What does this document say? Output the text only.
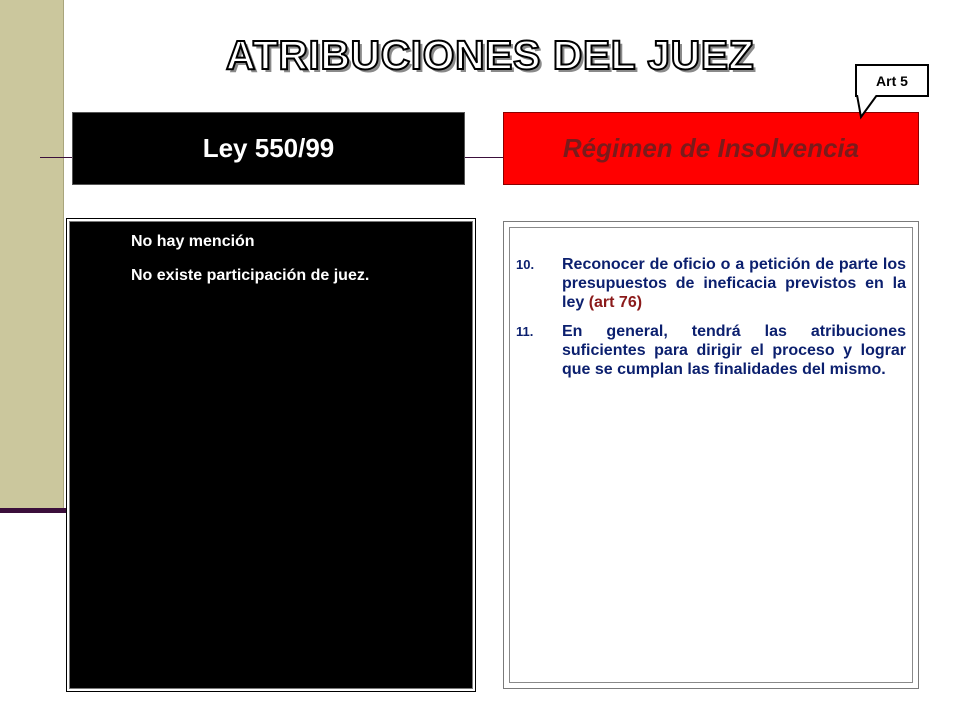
ATRIBUCIONES DEL JUEZ
Ley 550/99	Régimen de Insolvencia
Art 5
No hay mención
No existe participación de juez.
10.	Reconocer de oficio o a petición de parte los presupuestos de ineficacia previstos en la ley (art 76)
11.	En general, tendrá las atribuciones suficientes para dirigir el proceso y lograr que se cumplan las finalidades del mismo.
